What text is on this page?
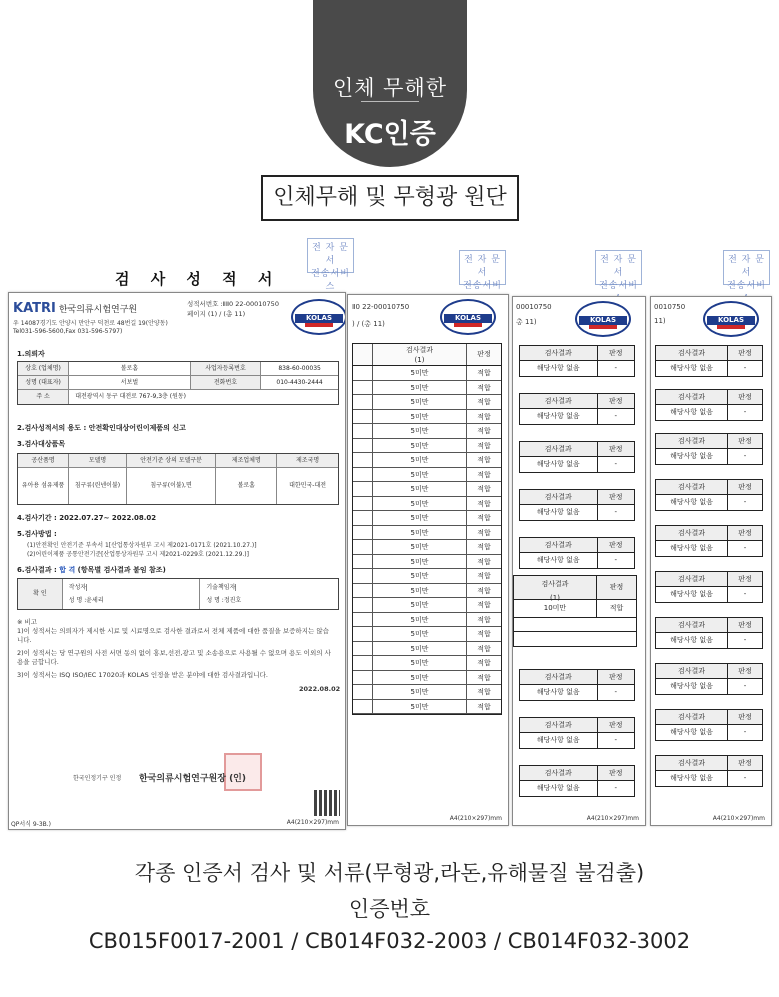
인체 무해한
KC인증
인체무해 및 무형광 원단
전 자 문 서
전송서비스
전 자 문 서
전송서비
전 자 문 서
전송서비
전 자 문 서
전송서비
0010750
11)	KOLAS
검사결과	판정
해당사항 없음	-
검사결과	판정
해당사항 없음	-
검사결과	판정
해당사항 없음	-
검사결과	판정
해당사항 없음	-
검사결과	판정
해당사항 없음	-
검사결과	판정
해당사항 없음	-
검사결과	판정
해당사항 없음	-
검사결과	판정
해당사항 없음	-
검사결과	판정
해당사항 없음	-
검사결과	판정
해당사항 없음	-
A4(210×297)mm
00010750
총 11)	KOLAS
검사결과	판정
해당사항 없음	-
검사결과	판정
해당사항 없음	-
검사결과	판정
해당사항 없음	-
검사결과	판정
해당사항 없음	-
검사결과	판정
해당사항 없음	-
검사결과
(1)
판정
10미만	적합
검사결과	판정
해당사항 없음	-
검사결과	판정
해당사항 없음	-
검사결과	판정
해당사항 없음	-
A4(210×297)mm
Ⅱ0 22-00010750
) / (총 11)
KOLAS
검사결과
(1)
판정
5미만	적합
5미만	적합
5미만	적합
5미만	적합
5미만	적합
5미만	적합
5미만	적합
5미만	적합
5미만	적합
5미만	적합
5미만	적합
5미만	적합
5미만	적합
5미만	적합
5미만	적합
5미만	적합
5미만	적합
5미만	적합
5미만	적합
5미만	적합
5미만	적합
5미만	적합
5미만	적합
5미만	적합
A4(210×297)mm
검 사 성 적 서
KATRI 한국의류시험연구원
우 14087경기도 안양시 만안구 덕천로 48번길 19(안양동)
Tel031-596-5600,Fax 031-596-5797)
성적서번호 :ⅡⅡ0 22-00010750
페이지 (1) / (총 11)	KOLAS
1.의뢰자
상호 (업체명)	볼로홈	사업자등록번호	838-60-00035
성명 (대표자)	서보벌	전화번호	010-4430-2444
주 소	대전광역시 동구 대전로 767-9,3층 (원동)
2.검사성적서의 용도 : 안전확인대상어린이제품의 신고
3.검사대상품목
공산품명	모델명	안전기준 상의 모델구분	제조업체명	제조국명
유아용 섬유제품	침구류(린넨이불)	침구류(이불),면	볼로홈	대한민국-대전
4.검사기간 : 2022.07.27~ 2022.08.02
5.검사방법 :
(1)안전확인 안전기준 부속서 1[산업통상자원부 고시 제2021-0171호 (2021.10.27.)]
(2)어린이제품 공통안전기준[산업통상자원부 고시 제2021-0229호 (2021.12.29.)]
6.검사결과 : 합 격 (항목별 검사결과 붙임 참조)
확 인
작성자
성 명 :윤세리
기술책임자
성 명 :정진호
※ 비고
1)이 성적서는 의뢰자가 제시한 시료 및 시료명으로 검사한 결과로서 전체 제품에 대한 품질을 보증하지는 않습니다.
2)이 성적서는 당 연구원의 사전 서면 동의 없이 홍보,선전,광고 및 소송용으로 사용될 수 없으며 용도 이외의 사용을 금합니다.
3)이 성적서는 ISQ ISO/IEC 17020과 KOLAS 인정을 받은 분야에 대한 검사결과입니다.
2022.08.02
한국인정기구 인정 한국의류시험연구원장 (인)
QP서식 9-3B.)	A4(210×297)mm
각종 인증서 검사 및 서류(무형광,라돈,유해물질 불검출)
인증번호
CB015F0017-2001 / CB014F032-2003 / CB014F032-3002
